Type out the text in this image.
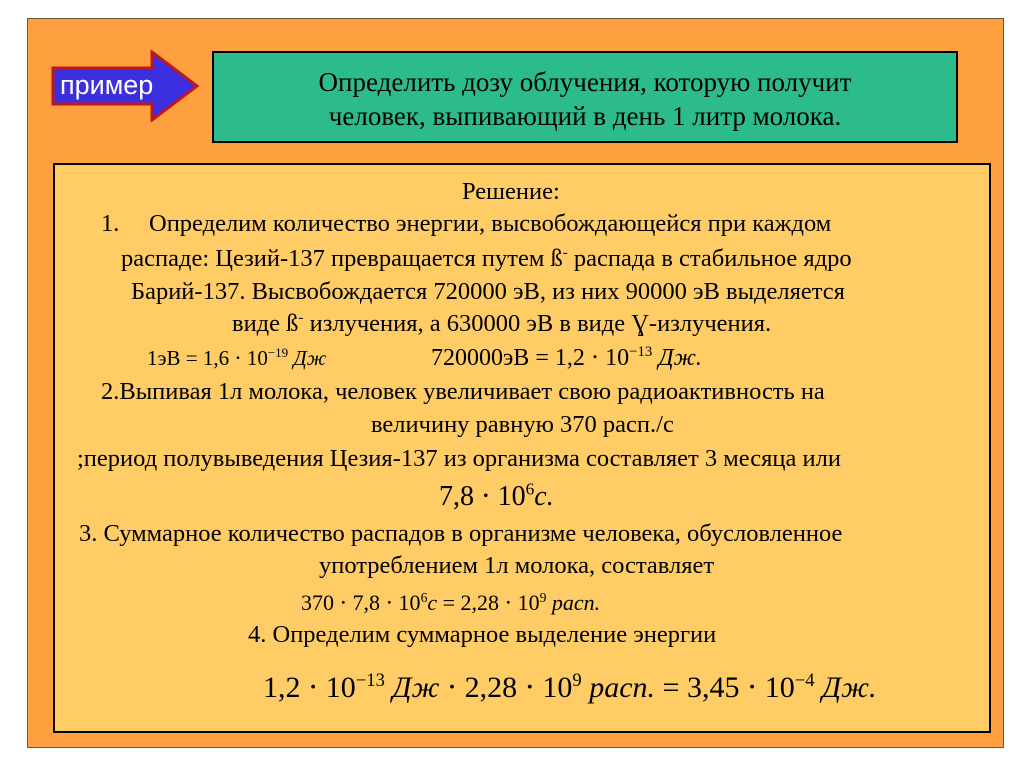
пример	Определить дозу облучения, которую получит
человек, выпивающий в день 1 литр молока.
Решение:
1. Определим количество энергии, высвобождающейся при каждом
распаде: Цезий-137 превращается путем ß- распада в стабильное ядро
Барий-137. Высвобождается 720000 эВ, из них 90000 эВ выделяется
виде ß- излучения, а 630000 эВ в виде Ɣ-излучения.
$1эВ = 1,6 \cdot 10^{-19}$ Дж	$720000эВ = 1,2 \cdot 10^{-13}$ Дж.
2.Выпивая 1л молока, человек увеличивает свою радиоактивность на
величину равную 370 расп./с
;период полувыведения Цезия-137 из организма составляет 3 месяца или
$7,8 \cdot 10^6с$.
3. Суммарное количество распадов в организме человека, обусловленное
употреблением 1л молока, составляет
$370 \cdot 7,8 \cdot 10^6с = 2,28 \cdot 10^9$ расп.
4. Определим суммарное выделение энергии
$1,2 \cdot 10^{-13}$ Дж ⋅ $2,28 \cdot 10^9$ расп. = $3,45 \cdot 10^{-4}$ Дж.
